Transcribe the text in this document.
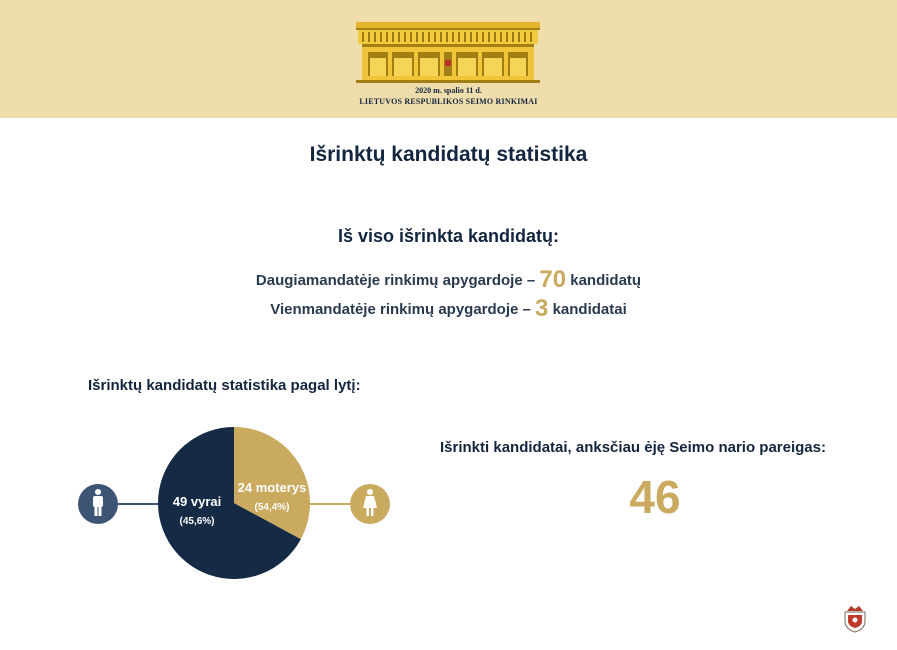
2020 m. spalio 11 d.
LIETUVOS RESPUBLIKOS SEIMO RINKIMAI
Išrinktų kandidatų statistika
Iš viso išrinkta kandidatų:
Daugiamandatėje rinkimų apygardoje – 70 kandidatų
Vienmandatėje rinkimų apygardoje – 3 kandidatai
Išrinktų kandidatų statistika pagal lytį:
49 vyrai
(45,6%)
24 moterys
(54,4%)
Išrinkti kandidatai, anksčiau ėję Seimo nario pareigas:
46
